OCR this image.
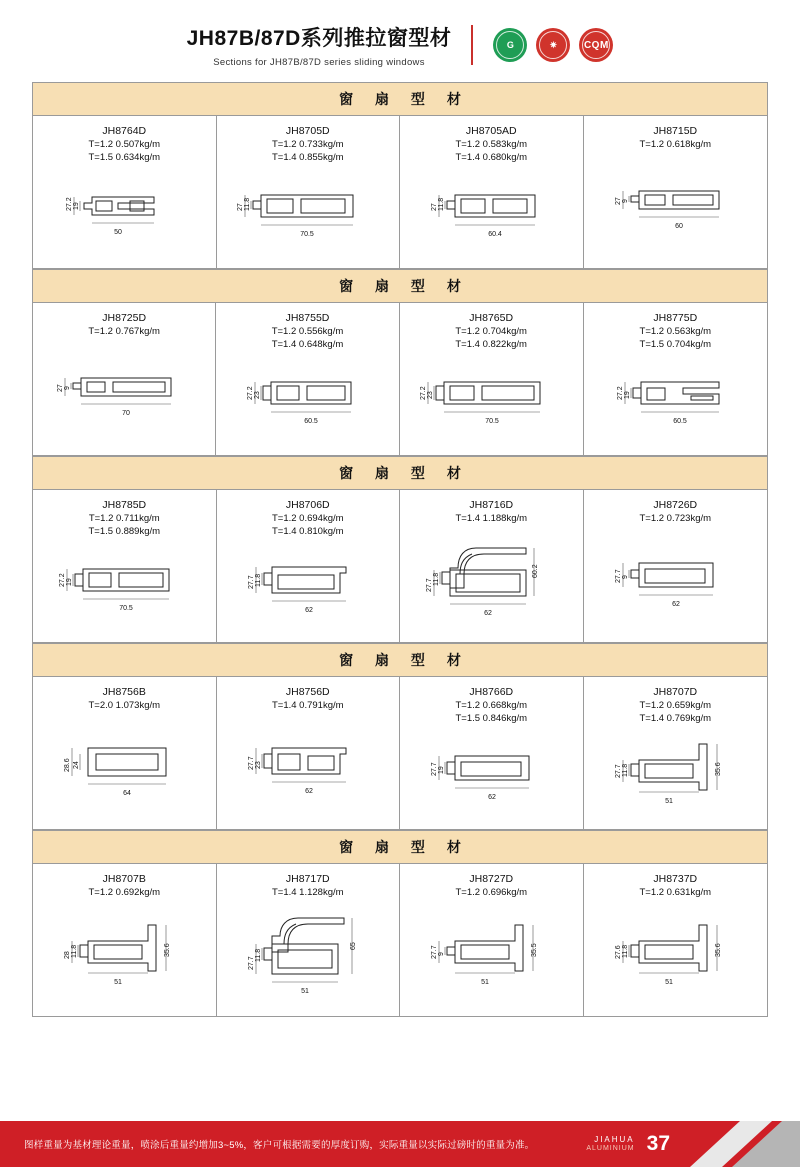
JH87B/87D系列推拉窗型材
Sections for JH87B/87D series sliding windows
G	✷	CQM
窗 扇 型 材
JH8764D
T=1.2 0.507kg/m
T=1.5 0.634kg/m
27.2 19
50
JH8705D
T=1.2 0.733kg/m
T=1.4 0.855kg/m
27 11.8
70.5
JH8705AD
T=1.2 0.583kg/m
T=1.4 0.680kg/m
27 11.8
60.4
JH8715D
T=1.2 0.618kg/m
27 9
60
窗 扇 型 材
JH8725D
T=1.2 0.767kg/m
27 9
70
JH8755D
T=1.2 0.556kg/m
T=1.4 0.648kg/m
27.2 23
60.5
JH8765D
T=1.2 0.704kg/m
T=1.4 0.822kg/m
27.2 23
70.5
JH8775D
T=1.2 0.563kg/m
T=1.5 0.704kg/m
27.2 19
60.5
窗 扇 型 材
JH8785D
T=1.2 0.711kg/m
T=1.5 0.889kg/m
27.2 19
70.5
JH8706D
T=1.2 0.694kg/m
T=1.4 0.810kg/m
27.7 11.8
62
JH8716D
T=1.4 1.188kg/m
27.7 11.8
62
60.2
JH8726D
T=1.2 0.723kg/m
27.7 9
62
窗 扇 型 材
JH8756B
T=2.0 1.073kg/m
28.6 24
64
JH8756D
T=1.4 0.791kg/m
27.7 23
62
JH8766D
T=1.2 0.668kg/m
T=1.5 0.846kg/m
27.7 19
62
JH8707D
T=1.2 0.659kg/m
T=1.4 0.769kg/m
27.7 11.8
51
35.6
窗 扇 型 材
JH8707B
T=1.2 0.692kg/m
28 11.8
51
35.6
JH8717D
T=1.4 1.128kg/m
27.7
11.8
51
65
JH8727D
T=1.2 0.696kg/m
27.7 9
51
35.5
JH8737D
T=1.2 0.631kg/m
27.6 11.8
51
35.6
图样重量为基材理论重量，喷涂后重量约增加3~5%，客户可根据需要的厚度订购，实际重量以实际过磅时的重量为准。
JIAHUA
ALUMINIUM 37
